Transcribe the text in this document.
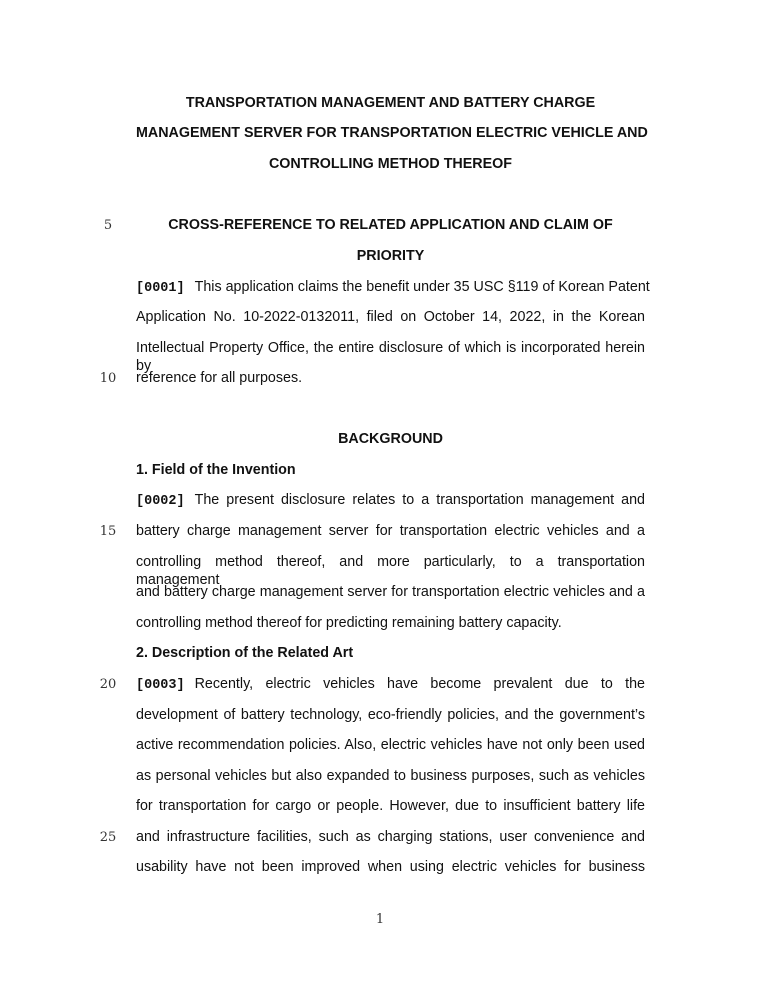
TRANSPORTATION MANAGEMENT AND BATTERY CHARGE
MANAGEMENT SERVER FOR TRANSPORTATION ELECTRIC VEHICLE AND
CONTROLLING METHOD THEREOF
5	CROSS-REFERENCE TO RELATED APPLICATION AND CLAIM OF
PRIORITY
[0001] This application claims the benefit under 35 USC §119 of Korean Patent
Application No. 10-2022-0132011, filed on October 14, 2022, in the Korean
Intellectual Property Office, the entire disclosure of which is incorporated herein by
10	reference for all purposes.
BACKGROUND
1. Field of the Invention
[0002] The present disclosure relates to a transportation management and
15	battery charge management server for transportation electric vehicles and a
controlling method thereof, and more particularly, to a transportation management
and battery charge management server for transportation electric vehicles and a
controlling method thereof for predicting remaining battery capacity.
2. Description of the Related Art
20	[0003] Recently, electric vehicles have become prevalent due to the
development of battery technology, eco-friendly policies, and the government’s
active recommendation policies. Also, electric vehicles have not only been used
as personal vehicles but also expanded to business purposes, such as vehicles
for transportation for cargo or people. However, due to insufficient battery life
25	and infrastructure facilities, such as charging stations, user convenience and
usability have not been improved when using electric vehicles for business
1
